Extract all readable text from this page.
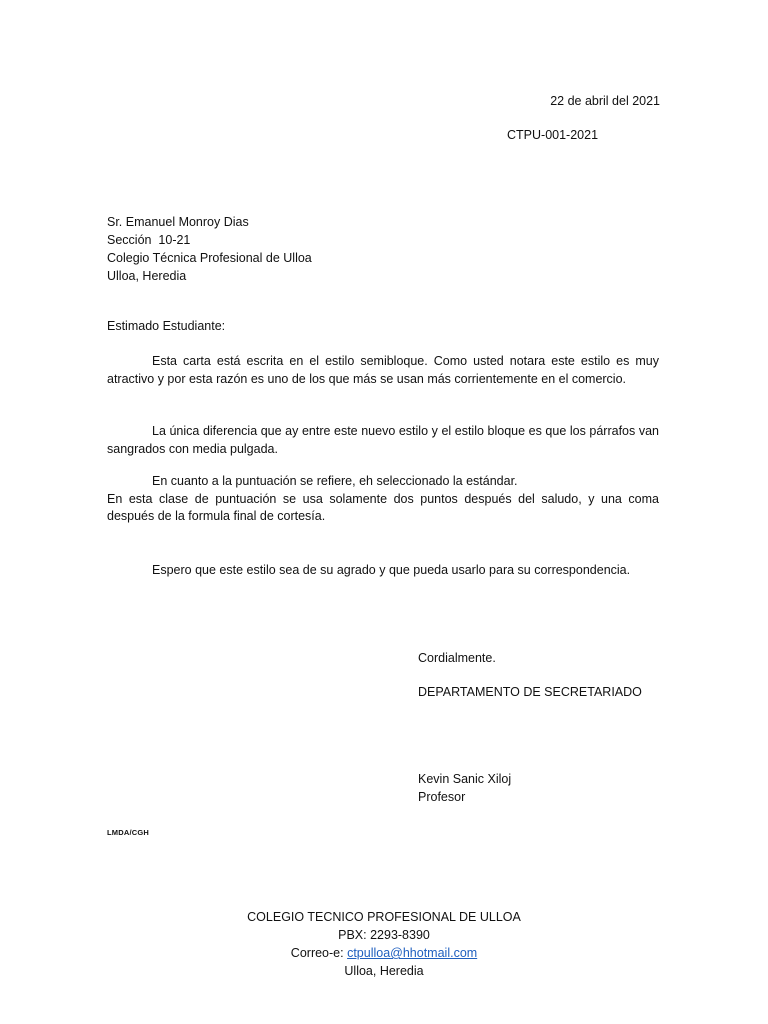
22 de abril del 2021
CTPU-001-2021
Sr. Emanuel Monroy Dias
Sección  10-21
Colegio Técnica Profesional de Ulloa
Ulloa, Heredia
Estimado Estudiante:
Esta carta está escrita en el estilo semibloque. Como usted notara este estilo es muy atractivo y por esta razón es uno de los que más se usan más corrientemente en el comercio.
La única diferencia que ay entre este nuevo estilo y el estilo bloque es que los párrafos van sangrados con media pulgada.
En cuanto a la puntuación se refiere, eh seleccionado la estándar.
En esta clase de puntuación se usa solamente dos puntos después del saludo, y una coma después de la formula final de cortesía.
Espero que este estilo sea de su agrado y que pueda usarlo para su correspondencia.
Cordialmente.
DEPARTAMENTO DE SECRETARIADO
Kevin Sanic Xiloj
Profesor
LMDA/CGH
COLEGIO TECNICO PROFESIONAL DE ULLOA
PBX: 2293-8390
Correo-e: ctpulloa@hhotmail.com
Ulloa, Heredia
